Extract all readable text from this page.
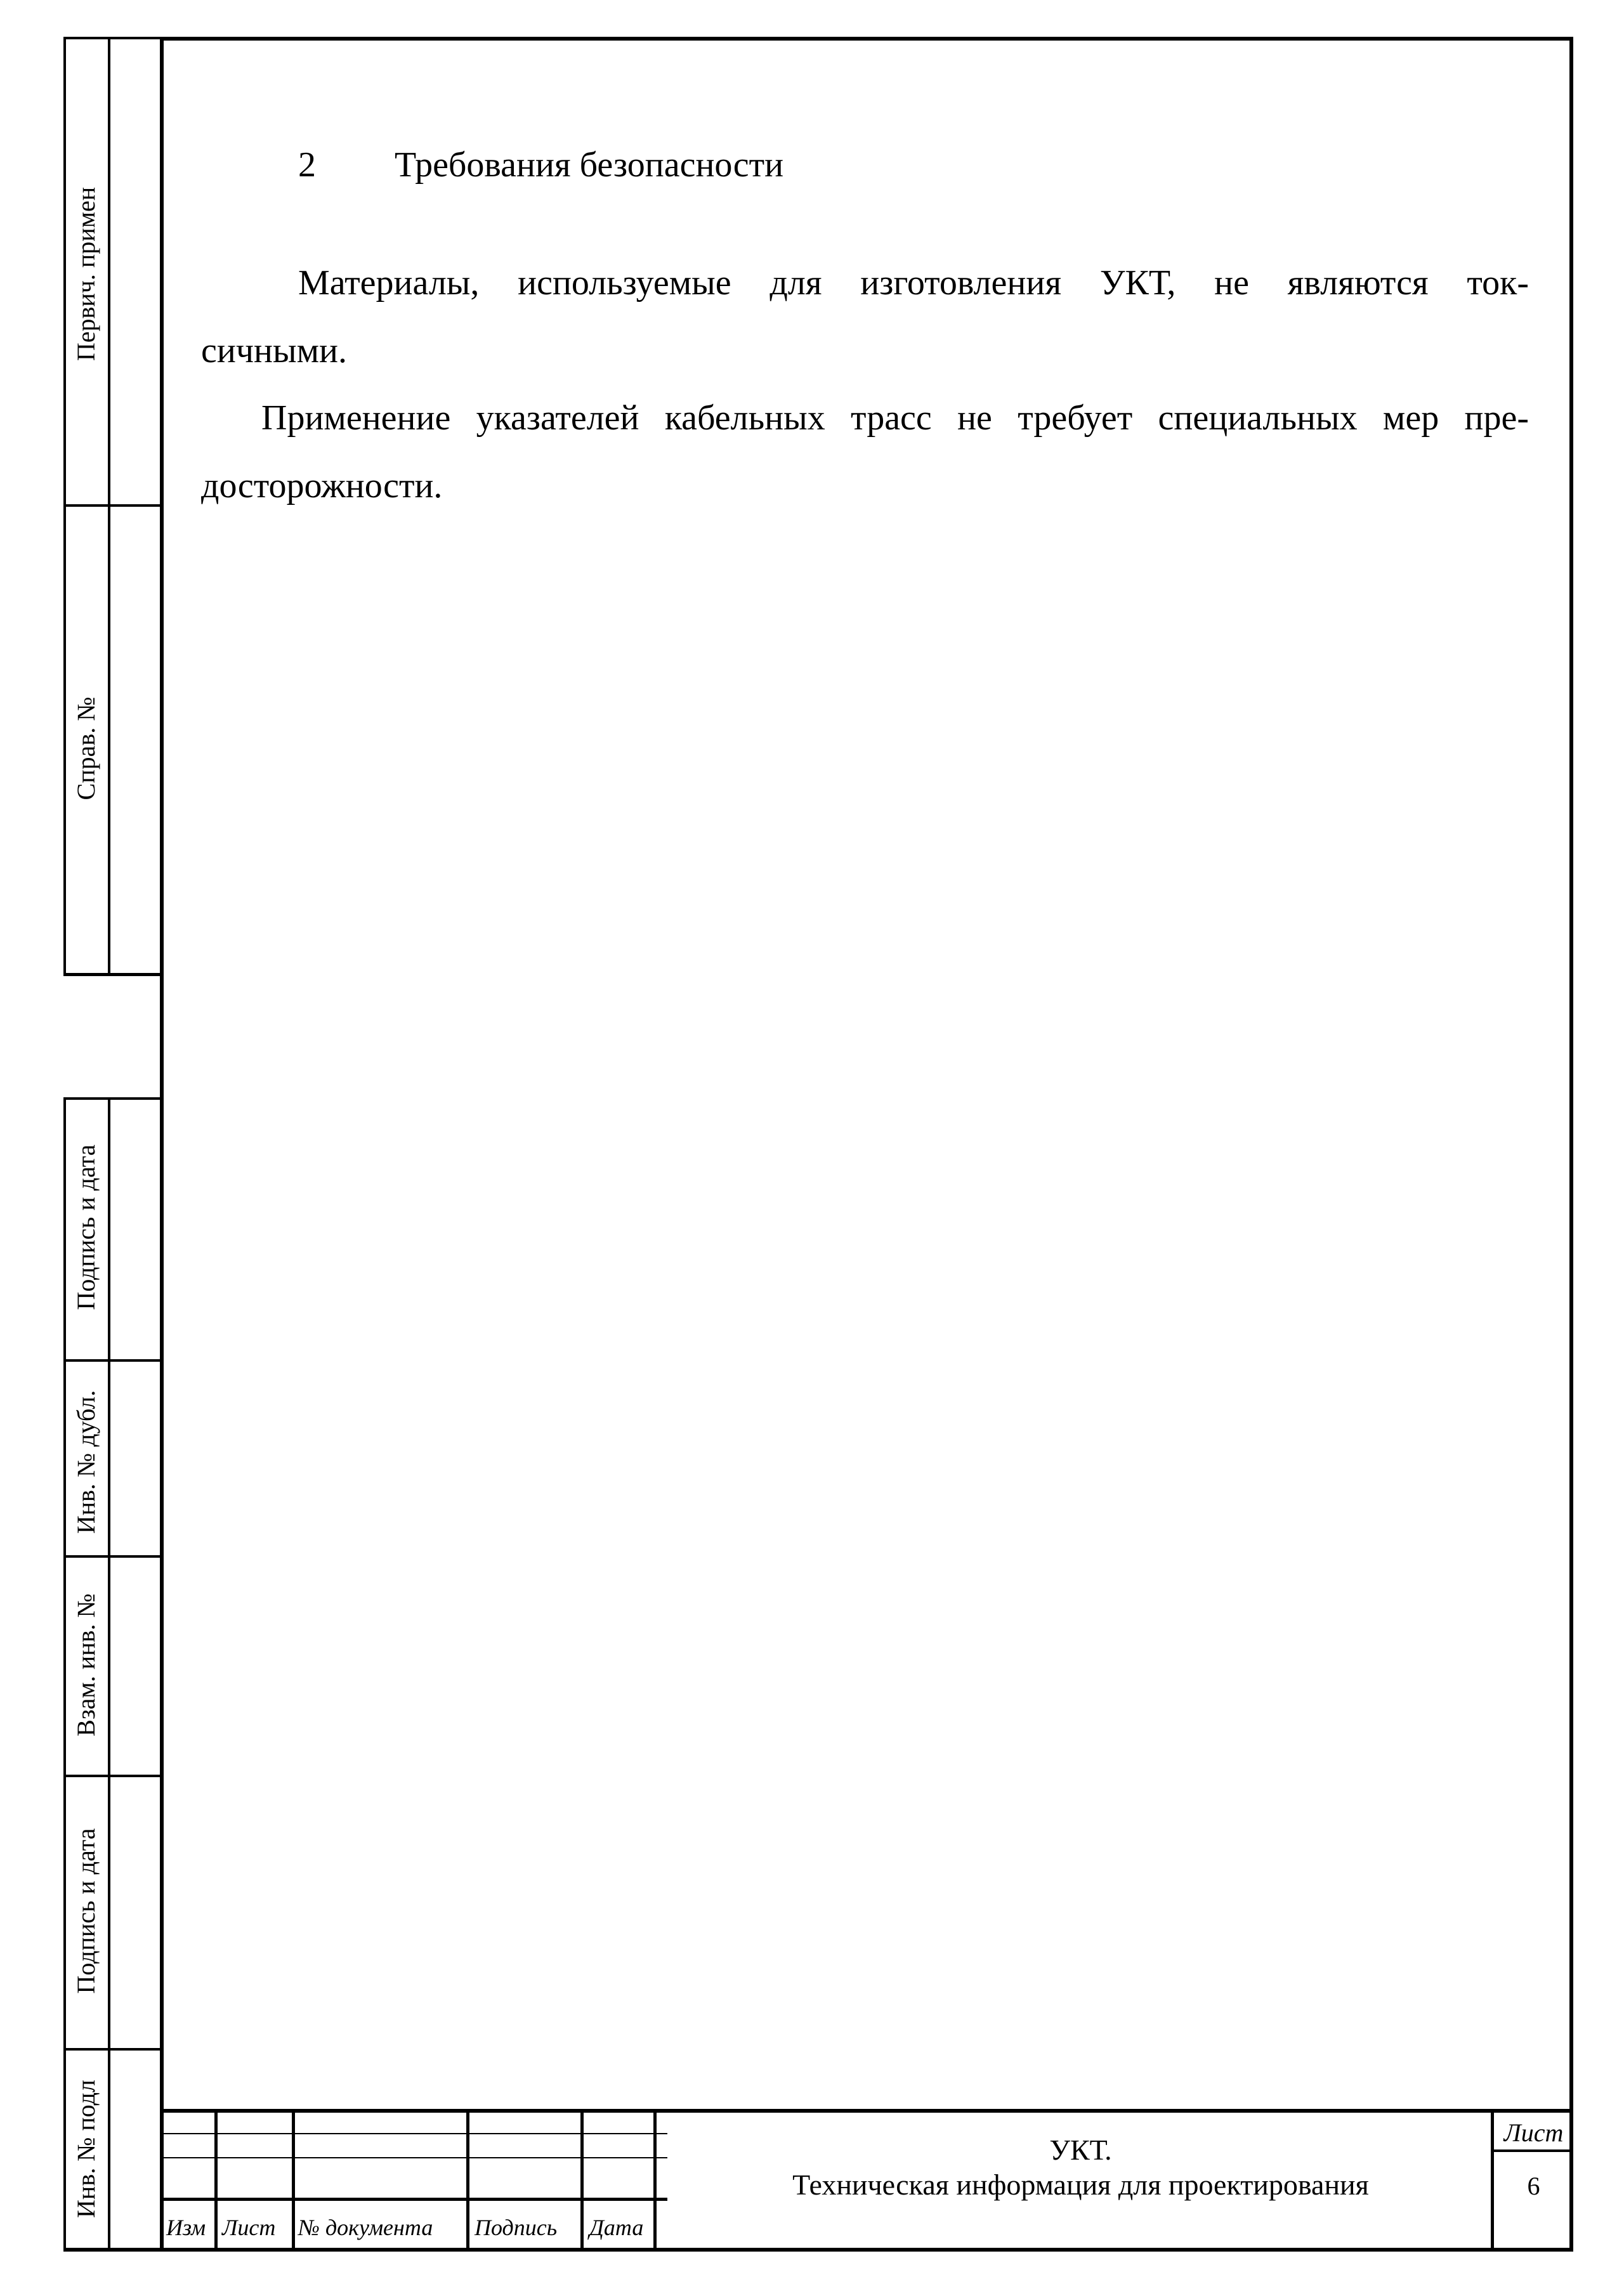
Первич. примен
Справ. №
Подпись и дата
Инв. № дубл.
Взам. инв. №
Подпись и дата
Инв. № подл
2 Требования безопасности
Материалы, используемые для изготовления УКТ, не являются ток-
сичными.
Применение указателей кабельных трасс не требует специальных мер пре-
досторожности.
Изм Лист № документа Подпись Дата
УКТ.
Техническая информация для проектирования
Лист
6
